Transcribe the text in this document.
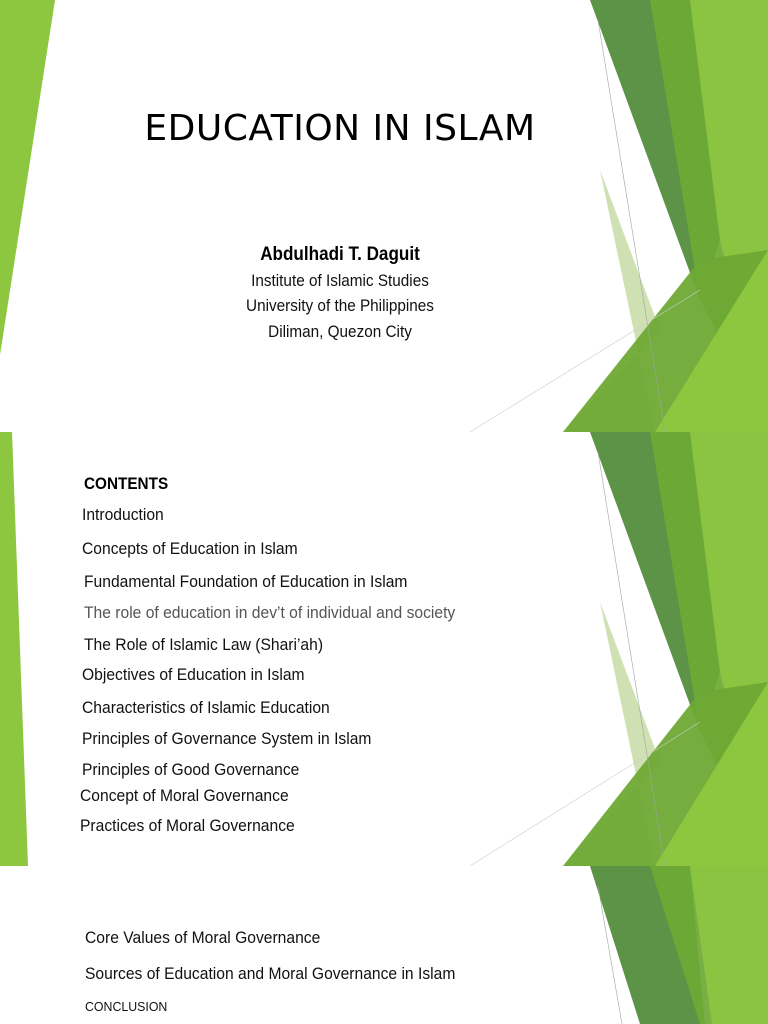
EDUCATION IN ISLAM
Abdulhadi T. Daguit
Institute of Islamic Studies
University of the Philippines
Diliman, Quezon City
CONTENTS
Introduction
Concepts of Education in Islam
Fundamental Foundation of Education in Islam
The role of education in dev’t of individual and society
The Role of Islamic Law (Shari’ah)
Objectives of Education in Islam
Characteristics of Islamic Education
Principles of Governance System in Islam
Principles of Good Governance
Concept of Moral Governance
Practices of Moral Governance
Core Values of Moral Governance
Sources of Education and Moral Governance in Islam
CONCLUSION
